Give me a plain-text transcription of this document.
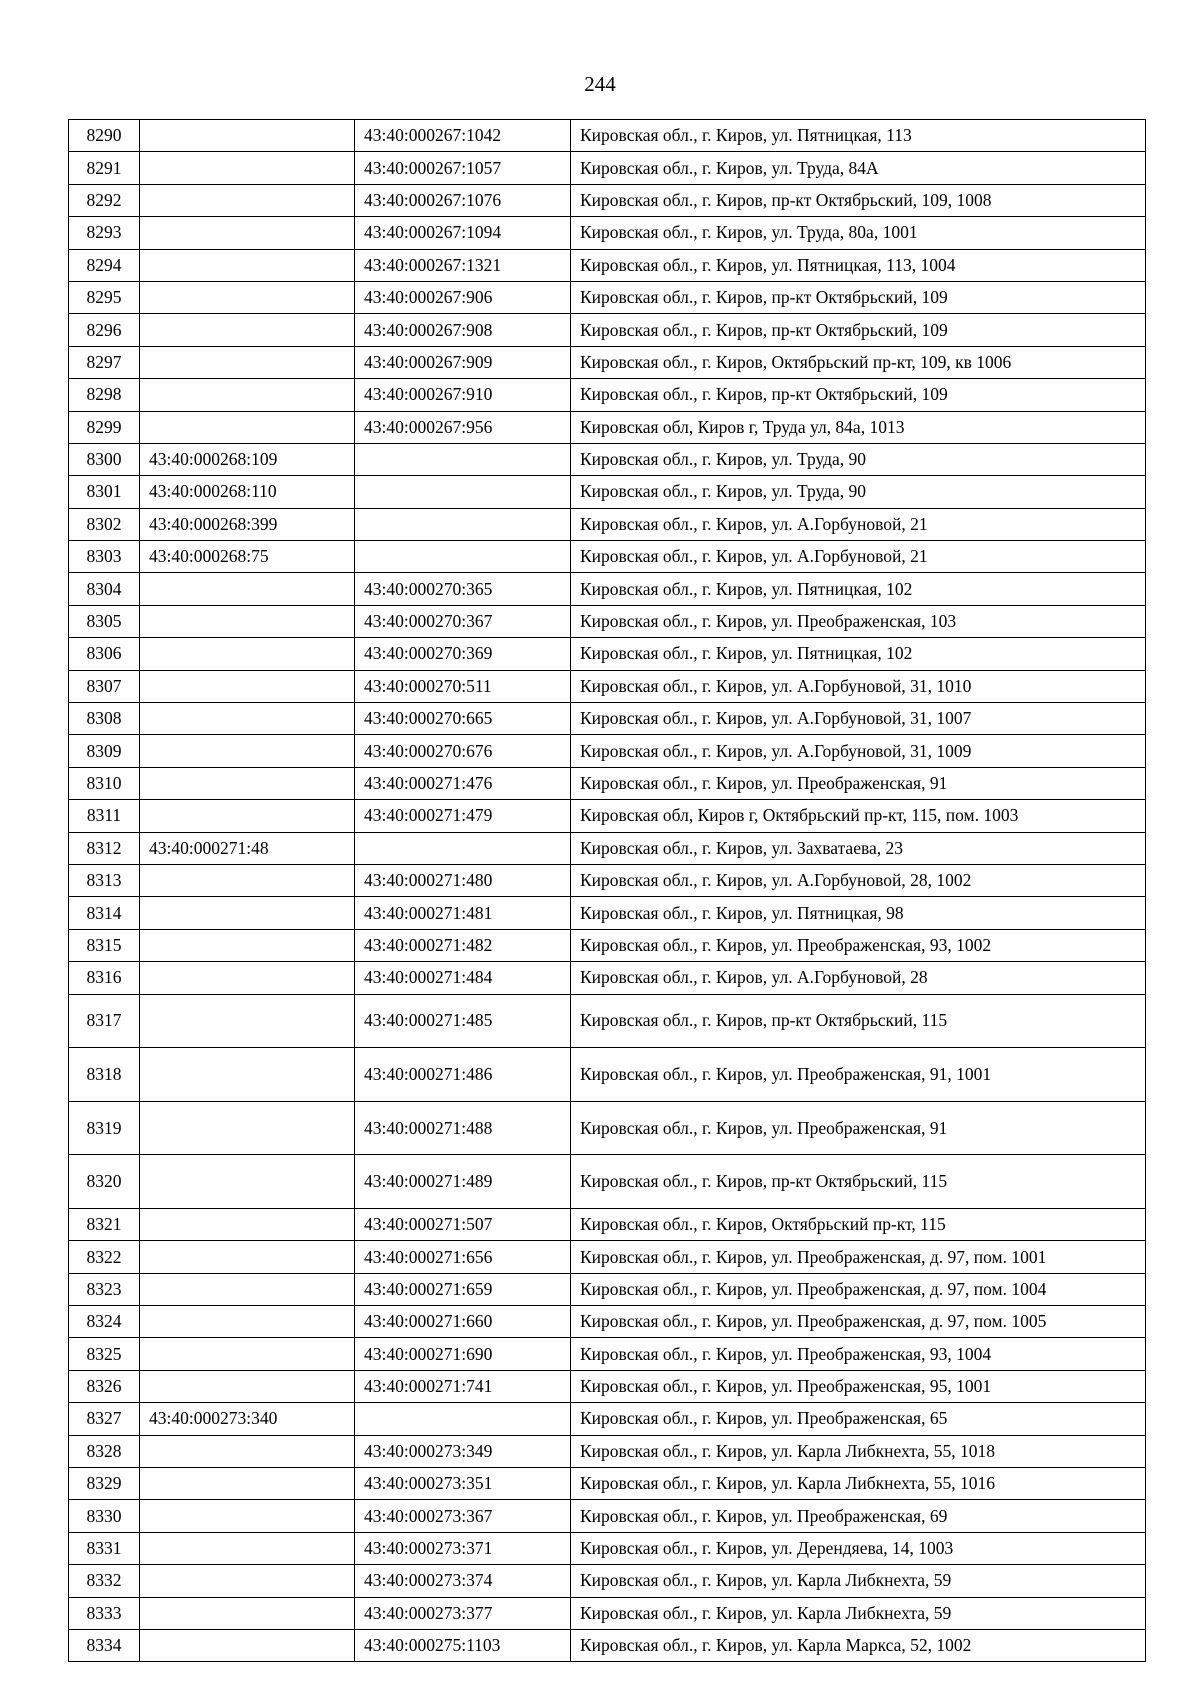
244
8290		43:40:000267:1042	Кировская обл., г. Киров, ул. Пятницкая, 113
8291		43:40:000267:1057	Кировская обл., г. Киров, ул. Труда, 84А
8292		43:40:000267:1076	Кировская обл., г. Киров, пр-кт Октябрьский, 109, 1008
8293		43:40:000267:1094	Кировская обл., г. Киров, ул. Труда, 80а, 1001
8294		43:40:000267:1321	Кировская обл., г. Киров, ул. Пятницкая, 113, 1004
8295		43:40:000267:906	Кировская обл., г. Киров, пр-кт Октябрьский, 109
8296		43:40:000267:908	Кировская обл., г. Киров, пр-кт Октябрьский, 109
8297		43:40:000267:909	Кировская обл., г. Киров, Октябрьский пр-кт, 109, кв 1006
8298		43:40:000267:910	Кировская обл., г. Киров, пр-кт Октябрьский, 109
8299		43:40:000267:956	Кировская обл, Киров г, Труда ул, 84а, 1013
8300	43:40:000268:109		Кировская обл., г. Киров, ул. Труда, 90
8301	43:40:000268:110		Кировская обл., г. Киров, ул. Труда, 90
8302	43:40:000268:399		Кировская обл., г. Киров, ул. А.Горбуновой, 21
8303	43:40:000268:75		Кировская обл., г. Киров, ул. А.Горбуновой, 21
8304		43:40:000270:365	Кировская обл., г. Киров, ул. Пятницкая, 102
8305		43:40:000270:367	Кировская обл., г. Киров, ул. Преображенская, 103
8306		43:40:000270:369	Кировская обл., г. Киров, ул. Пятницкая, 102
8307		43:40:000270:511	Кировская обл., г. Киров, ул. А.Горбуновой, 31, 1010
8308		43:40:000270:665	Кировская обл., г. Киров, ул. А.Горбуновой, 31, 1007
8309		43:40:000270:676	Кировская обл., г. Киров, ул. А.Горбуновой, 31, 1009
8310		43:40:000271:476	Кировская обл., г. Киров, ул. Преображенская, 91
8311		43:40:000271:479	Кировская обл, Киров г, Октябрьский пр-кт, 115, пом. 1003
8312	43:40:000271:48		Кировская обл., г. Киров, ул. Захватаева, 23
8313		43:40:000271:480	Кировская обл., г. Киров, ул. А.Горбуновой, 28, 1002
8314		43:40:000271:481	Кировская обл., г. Киров, ул. Пятницкая, 98
8315		43:40:000271:482	Кировская обл., г. Киров, ул. Преображенская, 93, 1002
8316		43:40:000271:484	Кировская обл., г. Киров, ул. А.Горбуновой, 28
8317		43:40:000271:485	Кировская обл., г. Киров, пр-кт Октябрьский, 115
8318		43:40:000271:486	Кировская обл., г. Киров, ул. Преображенская, 91, 1001
8319		43:40:000271:488	Кировская обл., г. Киров, ул. Преображенская, 91
8320		43:40:000271:489	Кировская обл., г. Киров, пр-кт Октябрьский, 115
8321		43:40:000271:507	Кировская обл., г. Киров, Октябрьский пр-кт, 115
8322		43:40:000271:656	Кировская обл., г. Киров, ул. Преображенская, д. 97, пом. 1001
8323		43:40:000271:659	Кировская обл., г. Киров, ул. Преображенская, д. 97, пом. 1004
8324		43:40:000271:660	Кировская обл., г. Киров, ул. Преображенская, д. 97, пом. 1005
8325		43:40:000271:690	Кировская обл., г. Киров, ул. Преображенская, 93, 1004
8326		43:40:000271:741	Кировская обл., г. Киров, ул. Преображенская, 95, 1001
8327	43:40:000273:340		Кировская обл., г. Киров, ул. Преображенская, 65
8328		43:40:000273:349	Кировская обл., г. Киров, ул. Карла Либкнехта, 55, 1018
8329		43:40:000273:351	Кировская обл., г. Киров, ул. Карла Либкнехта, 55, 1016
8330		43:40:000273:367	Кировская обл., г. Киров, ул. Преображенская, 69
8331		43:40:000273:371	Кировская обл., г. Киров, ул. Дерендяева, 14, 1003
8332		43:40:000273:374	Кировская обл., г. Киров, ул. Карла Либкнехта, 59
8333		43:40:000273:377	Кировская обл., г. Киров, ул. Карла Либкнехта, 59
8334		43:40:000275:1103	Кировская обл., г. Киров, ул. Карла Маркса, 52, 1002
